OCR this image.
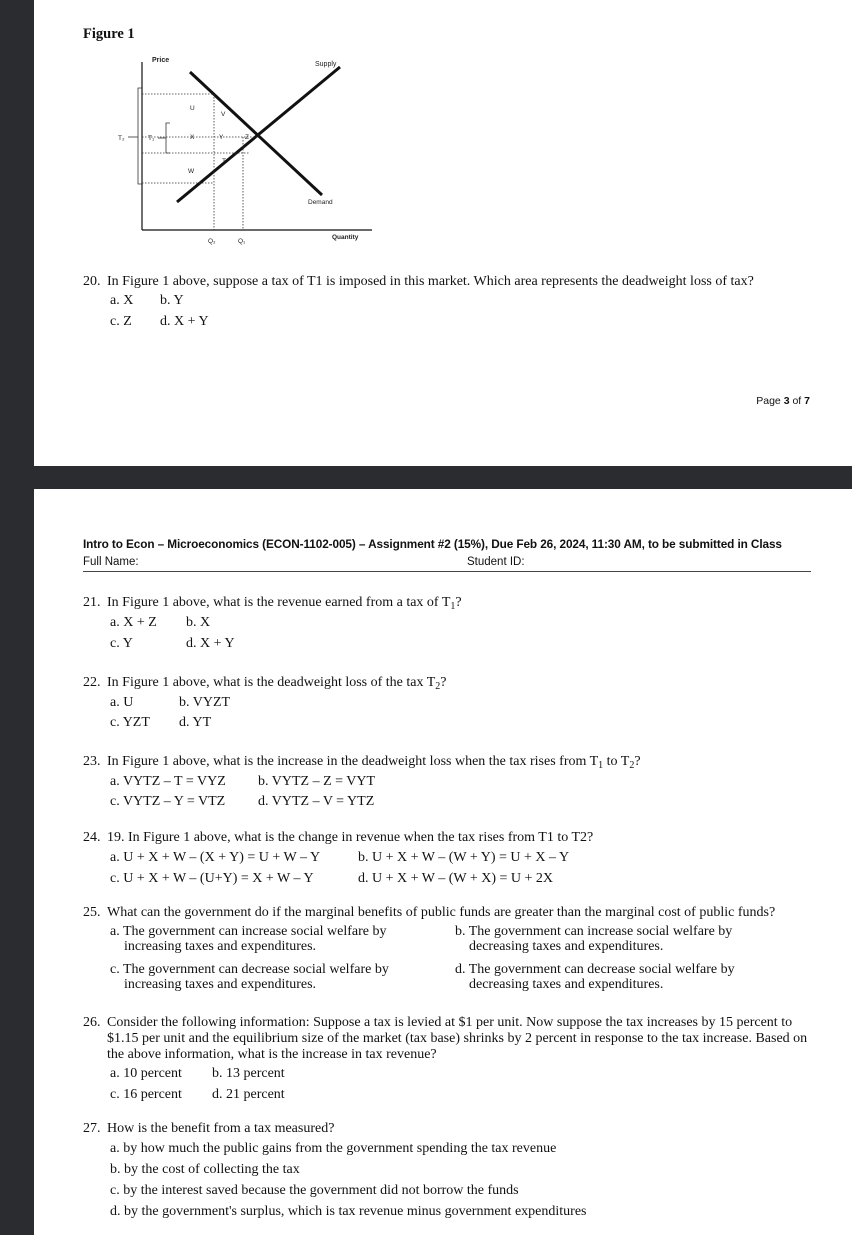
Figure 1
Price
Quantity
Supply
Demand
U
V
X	Y	Z
W
T
T₂	T₁
Q₂	Q₁
20. In Figure 1 above, suppose a tax of T1 is imposed in this market. Which area represents the deadweight loss of tax?
a. X b. Y
c. Z d. X + Y
Page 3 of 7
Intro to Econ – Microeconomics (ECON-1102-005) – Assignment #2 (15%), Due Feb 26, 2024, 11:30 AM, to be submitted in Class
Full Name:	Student ID:
21. In Figure 1 above, what is the revenue earned from a tax of $T_1$?
a. X + Z b. X
c. Y	d. X + Y
22. In Figure 1 above, what is the deadweight loss of the tax $T_2$?
a. U	b. VYZT
c. YZT d. YT
23. In Figure 1 above, what is the increase in the deadweight loss when the tax rises from $T_1$ to $T_2$?
a. VYTZ – T = VYZ b. VYTZ – Z = VYT
c. VYTZ – Y = VTZ d. VYTZ – V = YTZ
24. 19. In Figure 1 above, what is the change in revenue when the tax rises from T1 to T2?
a. U + X + W – (X + Y) = U + W – Y	b. U + X + W – (W + Y) = U + X – Y
c. U + X + W – (U+Y) = X + W – Y	d. U + X + W – (W + X) = U + 2X
25. What can the government do if the marginal benefits of public funds are greater than the marginal cost of public funds?
a. The government can increase social welfare by increasing taxes and expenditures.
b. The government can increase social welfare by decreasing taxes and expenditures.
c. The government can decrease social welfare by increasing taxes and expenditures.
d. The government can decrease social welfare by decreasing taxes and expenditures.
26. Consider the following information: Suppose a tax is levied at $1 per unit. Now suppose the tax increases by 15 percent to $1.15 per unit and the equilibrium size of the market (tax base) shrinks by 2 percent in response to the tax increase. Based on the above information, what is the increase in tax revenue?
a. 10 percent b. 13 percent
c. 16 percent d. 21 percent
27. How is the benefit from a tax measured?
a. by how much the public gains from the government spending the tax revenue
b. by the cost of collecting the tax
c. by the interest saved because the government did not borrow the funds
d. by the government's surplus, which is tax revenue minus government expenditures
